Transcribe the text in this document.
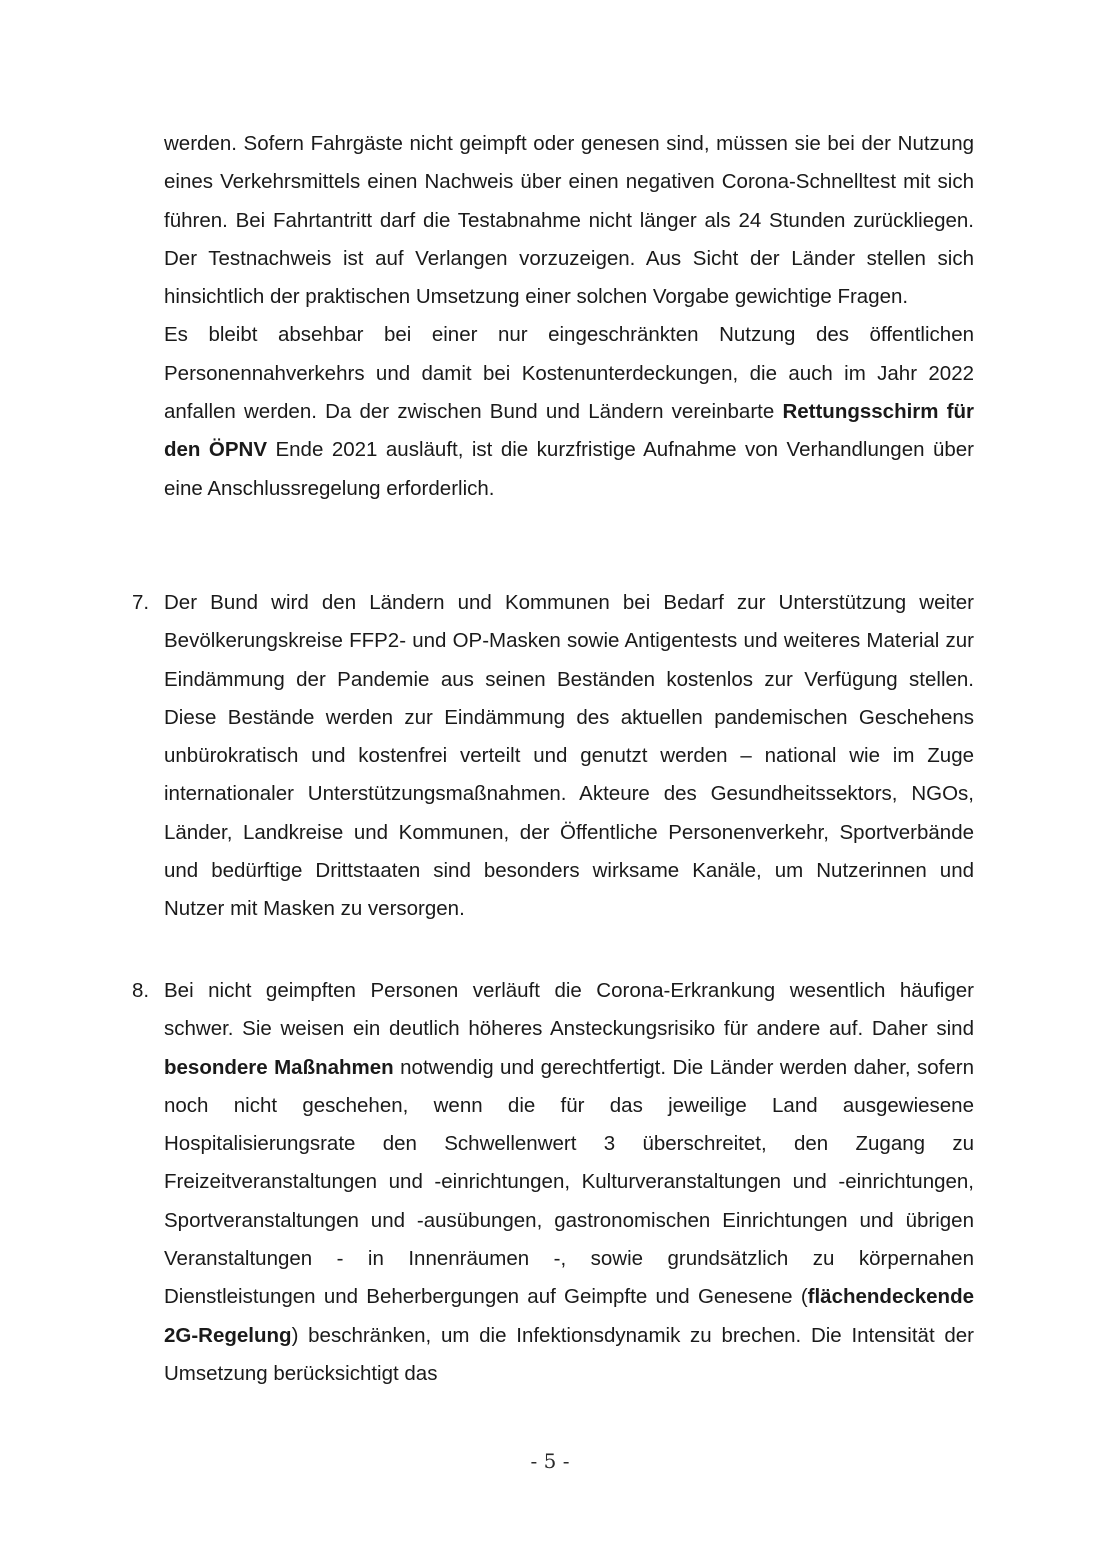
werden. Sofern Fahrgäste nicht geimpft oder genesen sind, müssen sie bei der Nutzung eines Verkehrsmittels einen Nachweis über einen negativen Corona-Schnelltest mit sich führen. Bei Fahrtantritt darf die Testabnahme nicht länger als 24 Stunden zurückliegen. Der Testnachweis ist auf Verlangen vorzuzeigen. Aus Sicht der Länder stellen sich hinsichtlich der praktischen Umsetzung einer solchen Vorgabe gewichtige Fragen.

Es bleibt absehbar bei einer nur eingeschränkten Nutzung des öffentlichen Personennahverkehrs und damit bei Kostenunterdeckungen, die auch im Jahr 2022 anfallen werden. Da der zwischen Bund und Ländern vereinbarte Rettungsschirm für den ÖPNV Ende 2021 ausläuft, ist die kurzfristige Aufnahme von Verhandlungen über eine Anschlussregelung erforderlich.

7. Der Bund wird den Ländern und Kommunen bei Bedarf zur Unterstützung weiter Bevölkerungskreise FFP2- und OP-Masken sowie Antigentests und weiteres Material zur Eindämmung der Pandemie aus seinen Beständen kostenlos zur Verfügung stellen. Diese Bestände werden zur Eindämmung des aktuellen pandemischen Geschehens unbürokratisch und kostenfrei verteilt und genutzt werden – national wie im Zuge internationaler Unterstützungsmaßnahmen. Akteure des Gesundheitssektors, NGOs, Länder, Landkreise und Kommunen, der Öffentliche Personenverkehr, Sportverbände und bedürftige Drittstaaten sind besonders wirksame Kanäle, um Nutzerinnen und Nutzer mit Masken zu versorgen.

8. Bei nicht geimpften Personen verläuft die Corona-Erkrankung wesentlich häufiger schwer. Sie weisen ein deutlich höheres Ansteckungsrisiko für andere auf. Daher sind besondere Maßnahmen notwendig und gerechtfertigt. Die Länder werden daher, sofern noch nicht geschehen, wenn die für das jeweilige Land ausgewiesene Hospitalisierungsrate den Schwellenwert 3 überschreitet, den Zugang zu Freizeitveranstaltungen und -einrichtungen, Kulturveranstaltungen und -einrichtungen, Sportveranstaltungen und -ausübungen, gastronomischen Einrichtungen und übrigen Veranstaltungen - in Innenräumen -, sowie grundsätzlich zu körpernahen Dienstleistungen und Beherbergungen auf Geimpfte und Genesene (flächendeckende 2G-Regelung) beschränken, um die Infektionsdynamik zu brechen. Die Intensität der Umsetzung berücksichtigt das

- 5 -
